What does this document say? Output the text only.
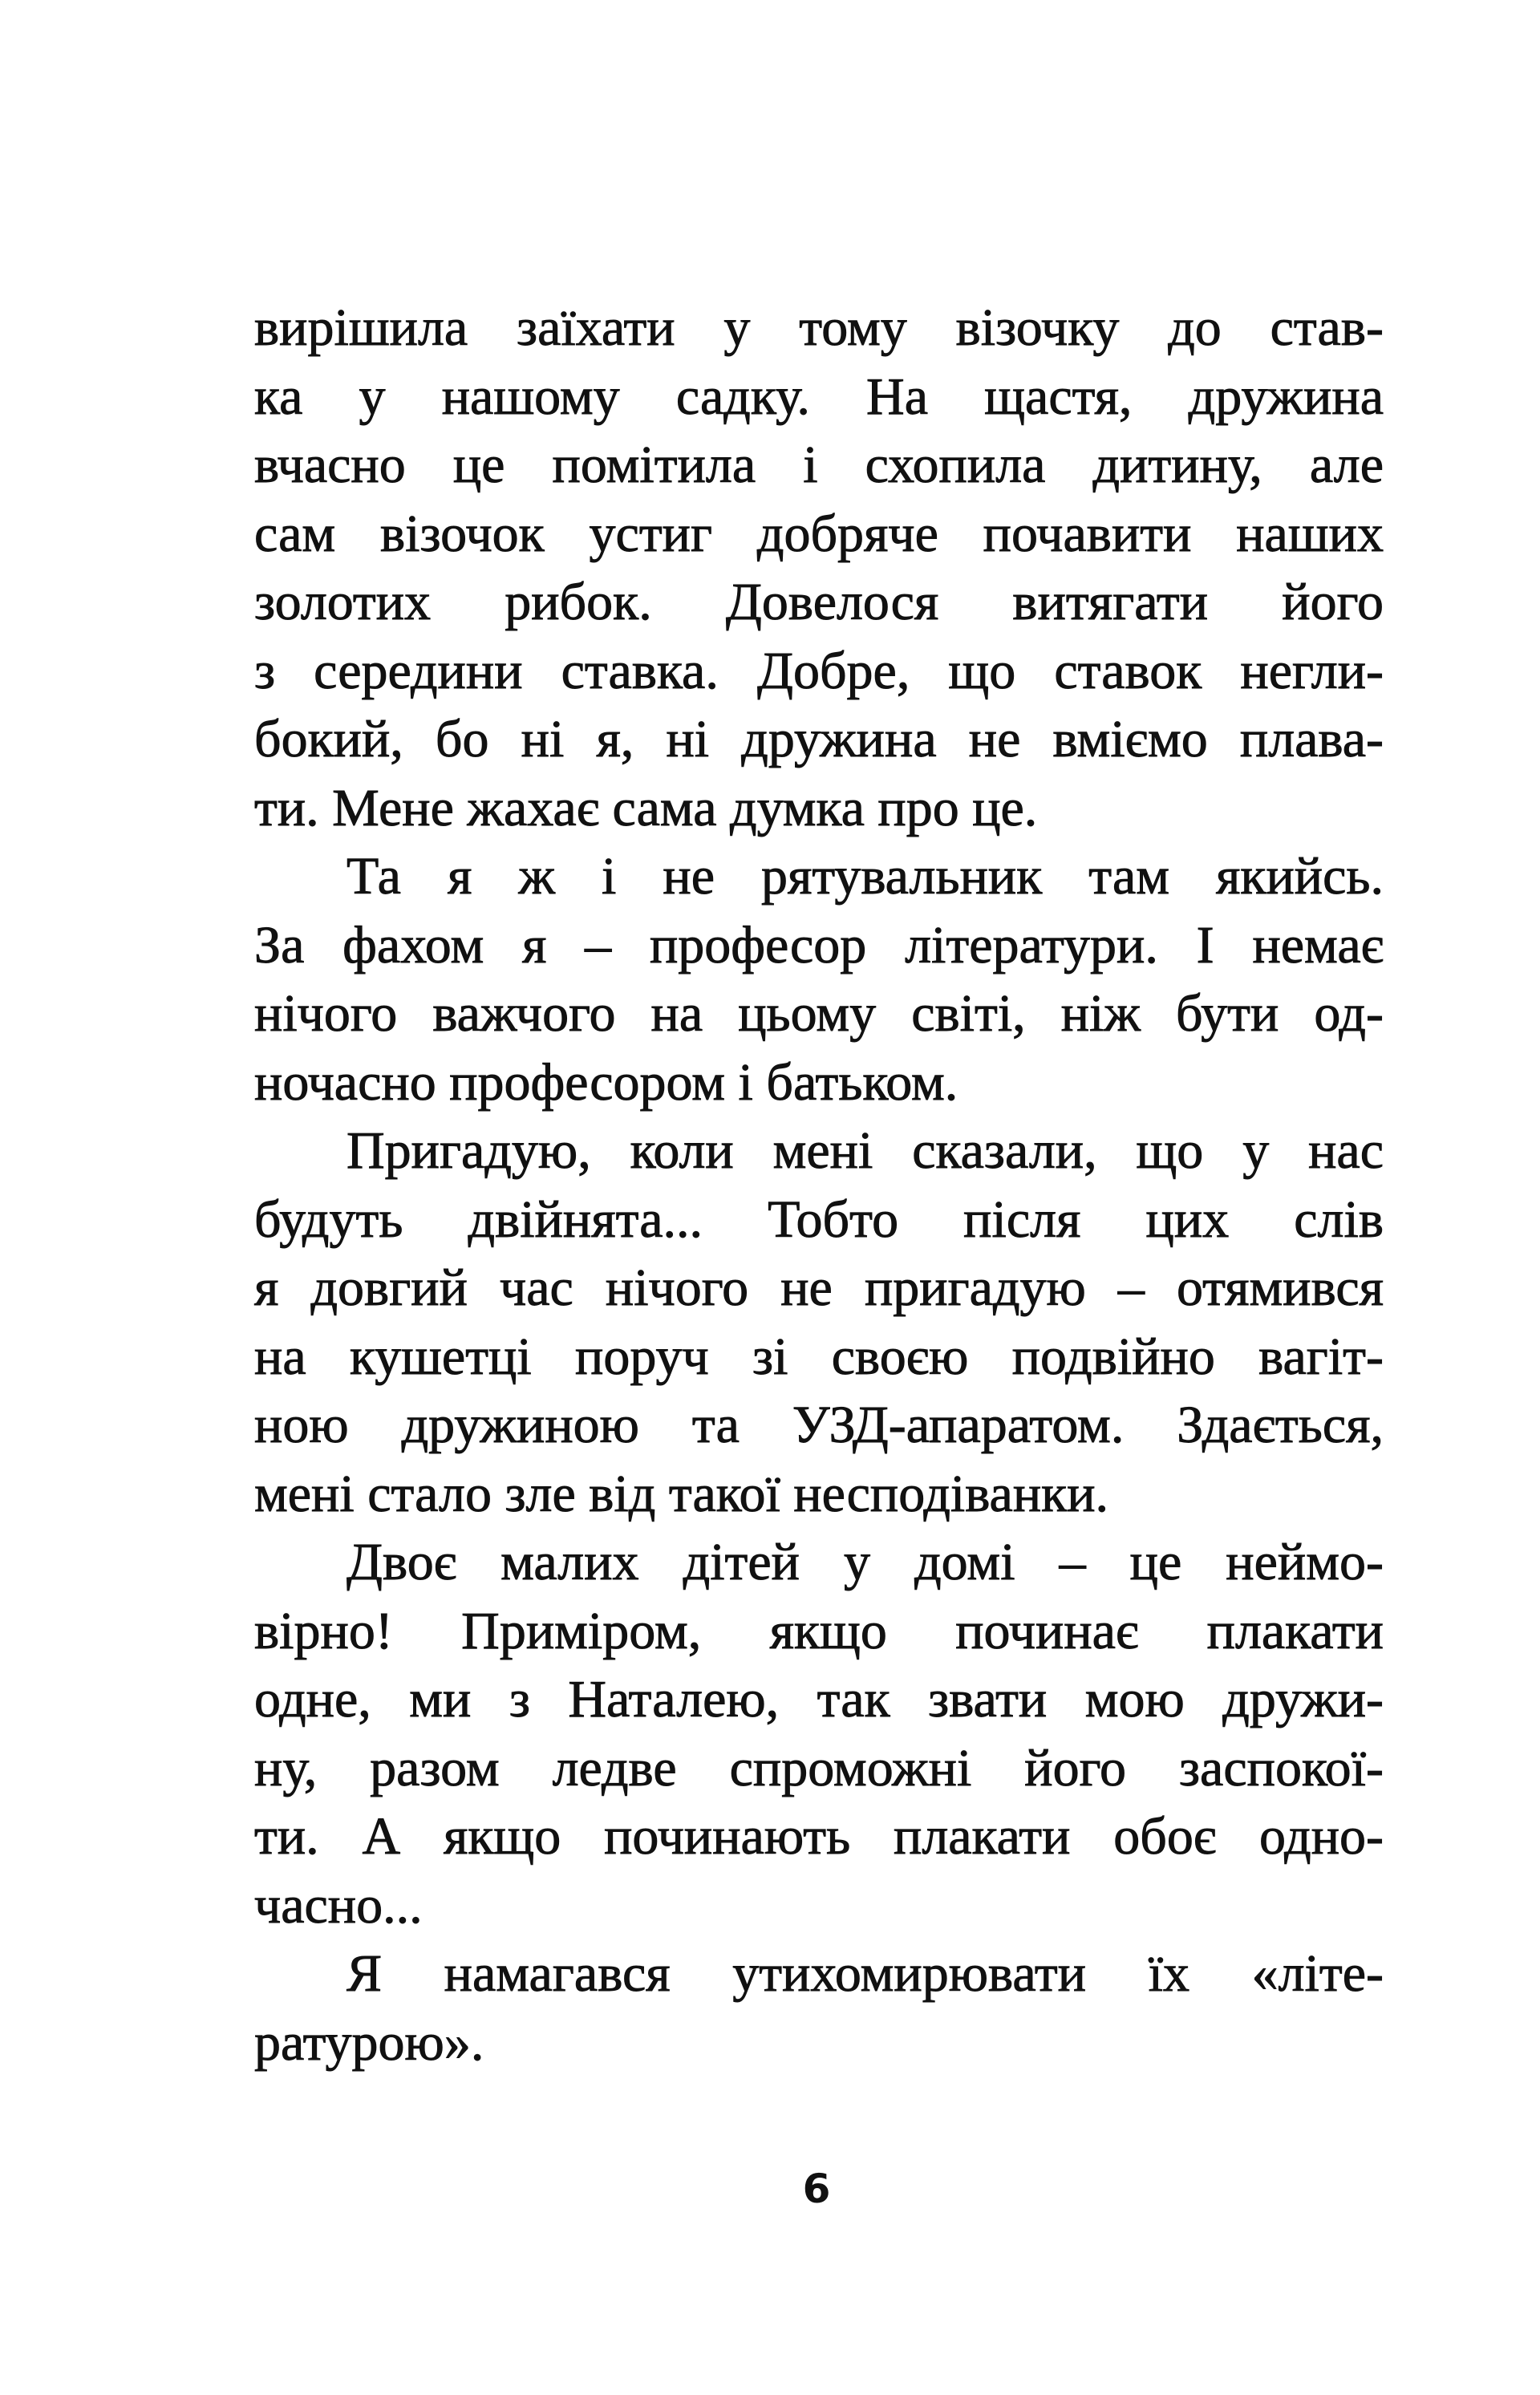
вирішила заїхати у тому візочку до став-
ка у нашому садку. На щастя, дружина
вчасно це помітила і схопила дитину, але
сам візочок устиг добряче почавити наших
золотих рибок. Довелося витягати його
з середини ставка. Добре, що ставок негли-
бокий, бо ні я, ні дружина не вміємо плава-
ти. Мене жахає сама думка про це.
Та я ж і не рятувальник там якийсь.
За фахом я – професор літератури. І немає
нічого важчого на цьому світі, ніж бути од-
ночасно професором і батьком.
Пригадую, коли мені сказали, що у нас
будуть двійнята... Тобто після цих слів
я довгий час нічого не пригадую – отямився
на кушетці поруч зі своєю подвійно вагіт-
ною дружиною та УЗД-апаратом. Здається,
мені стало зле від такої несподіванки.
Двоє малих дітей у домі – це неймо-
вірно! Приміром, якщо починає плакати
одне, ми з Наталею, так звати мою дружи-
ну, разом ледве спроможні його заспокої-
ти. А якщо починають плакати обоє одно-
часно...
Я намагався утихомирювати їх «літе-
ратурою».
6
